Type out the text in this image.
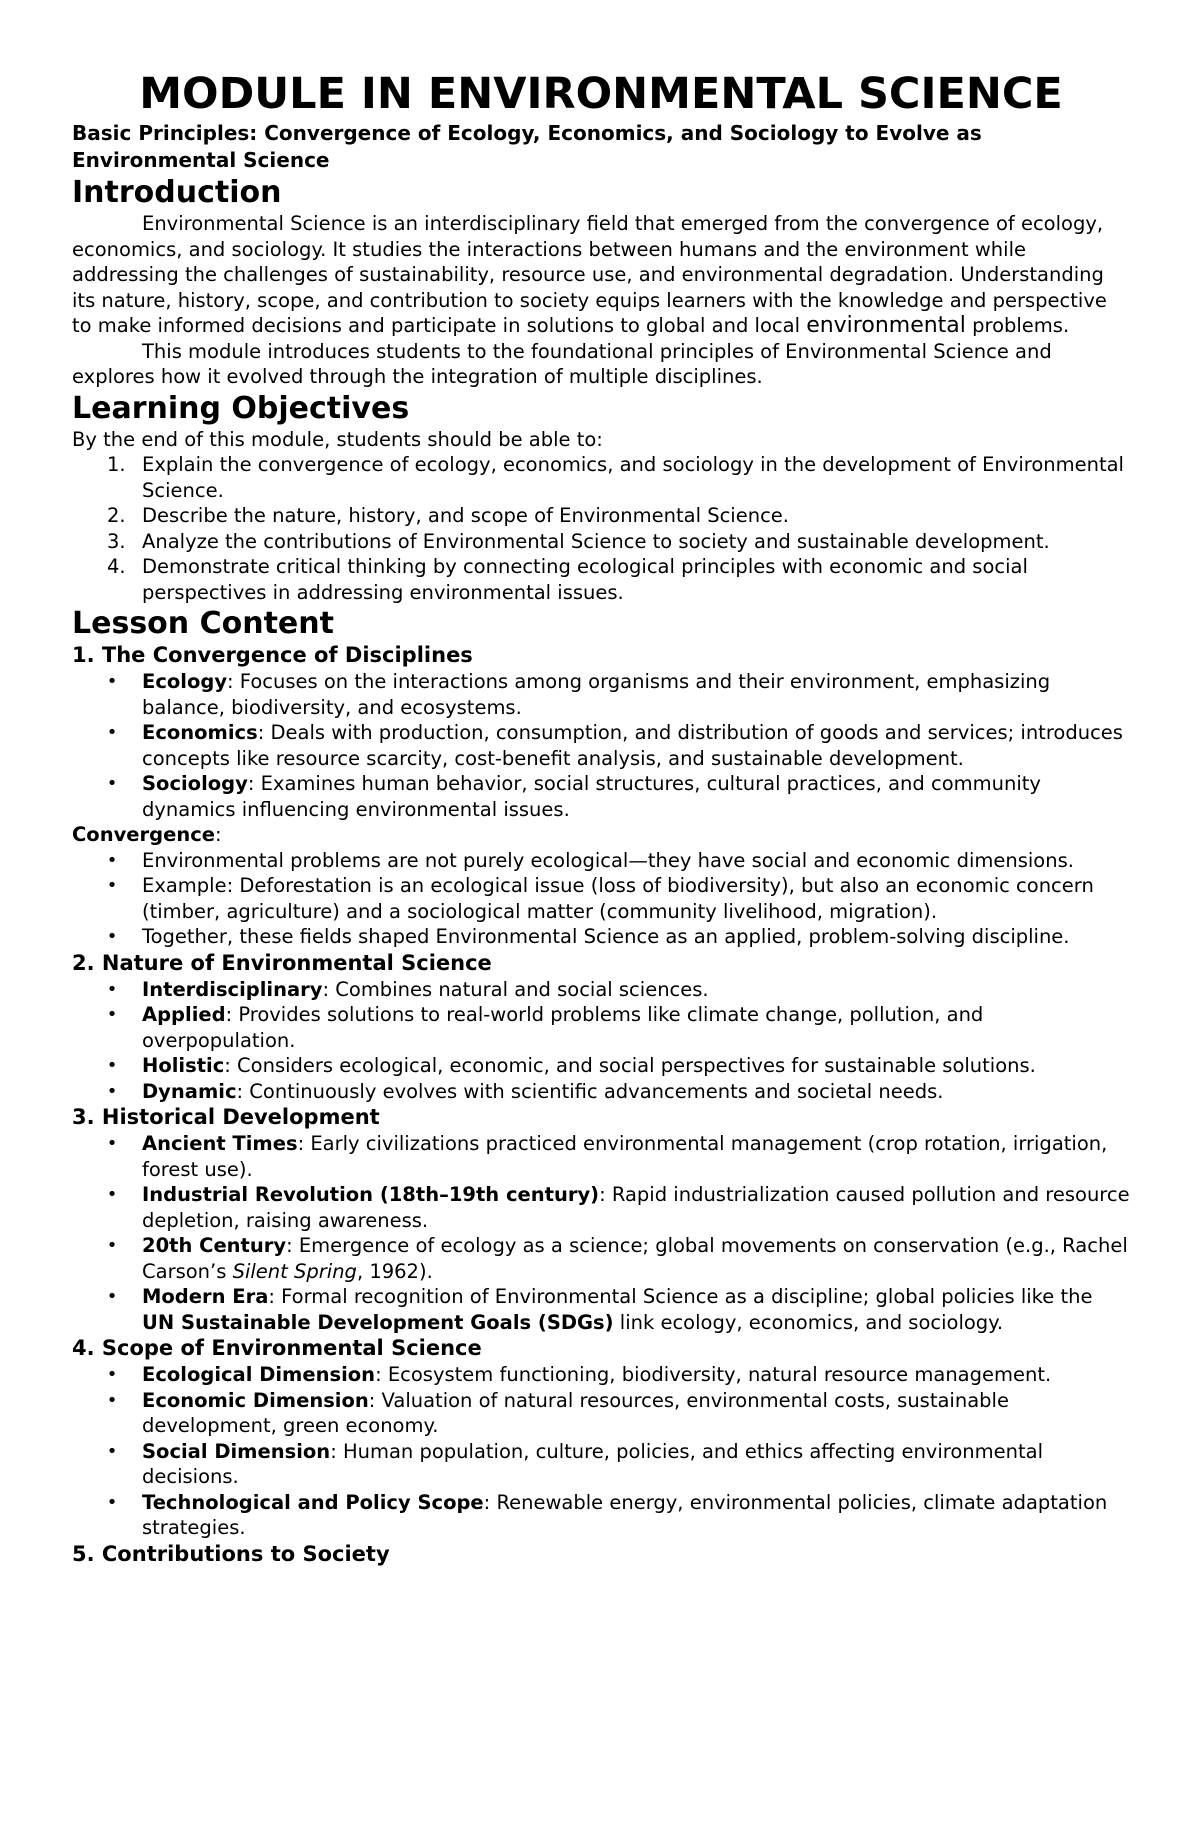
MODULE IN ENVIRONMENTAL SCIENCE

Basic Principles: Convergence of Ecology, Economics, and Sociology to Evolve as Environmental Science

Introduction

Environmental Science is an interdisciplinary field that emerged from the convergence of ecology, economics, and sociology. It studies the interactions between humans and the environment while addressing the challenges of sustainability, resource use, and environmental degradation. Understanding its nature, history, scope, and contribution to society equips learners with the knowledge and perspective to make informed decisions and participate in solutions to global and local environmental problems.

This module introduces students to the foundational principles of Environmental Science and explores how it evolved through the integration of multiple disciplines.

Learning Objectives

By the end of this module, students should be able to:

1. Explain the convergence of ecology, economics, and sociology in the development of Environmental Science.
2. Describe the nature, history, and scope of Environmental Science.
3. Analyze the contributions of Environmental Science to society and sustainable development.
4. Demonstrate critical thinking by connecting ecological principles with economic and social perspectives in addressing environmental issues.
Lesson Content
1. The Convergence of Disciplines
• Ecology: Focuses on the interactions among organisms and their environment, emphasizing balance, biodiversity, and ecosystems.
• Economics: Deals with production, consumption, and distribution of goods and services; introduces concepts like resource scarcity, cost-benefit analysis, and sustainable development.
• Sociology: Examines human behavior, social structures, cultural practices, and community dynamics influencing environmental issues.

Convergence:

• Environmental problems are not purely ecological—they have social and economic dimensions.
• Example: Deforestation is an ecological issue (loss of biodiversity), but also an economic concern (timber, agriculture) and a sociological matter (community livelihood, migration).
• Together, these fields shaped Environmental Science as an applied, problem-solving discipline.
2. Nature of Environmental Science
• Interdisciplinary: Combines natural and social sciences.
• Applied: Provides solutions to real-world problems like climate change, pollution, and overpopulation.
• Holistic: Considers ecological, economic, and social perspectives for sustainable solutions.
• Dynamic: Continuously evolves with scientific advancements and societal needs.
3. Historical Development
• Ancient Times: Early civilizations practiced environmental management (crop rotation, irrigation, forest use).
• Industrial Revolution (18th–19th century): Rapid industrialization caused pollution and resource depletion, raising awareness.
• 20th Century: Emergence of ecology as a science; global movements on conservation (e.g., Rachel Carson’s Silent Spring, 1962).
• Modern Era: Formal recognition of Environmental Science as a discipline; global policies like the UN Sustainable Development Goals (SDGs) link ecology, economics, and sociology.
4. Scope of Environmental Science
• Ecological Dimension: Ecosystem functioning, biodiversity, natural resource management.
• Economic Dimension: Valuation of natural resources, environmental costs, sustainable development, green economy.
• Social Dimension: Human population, culture, policies, and ethics affecting environmental decisions.
• Technological and Policy Scope: Renewable energy, environmental policies, climate adaptation strategies.
5. Contributions to Society
